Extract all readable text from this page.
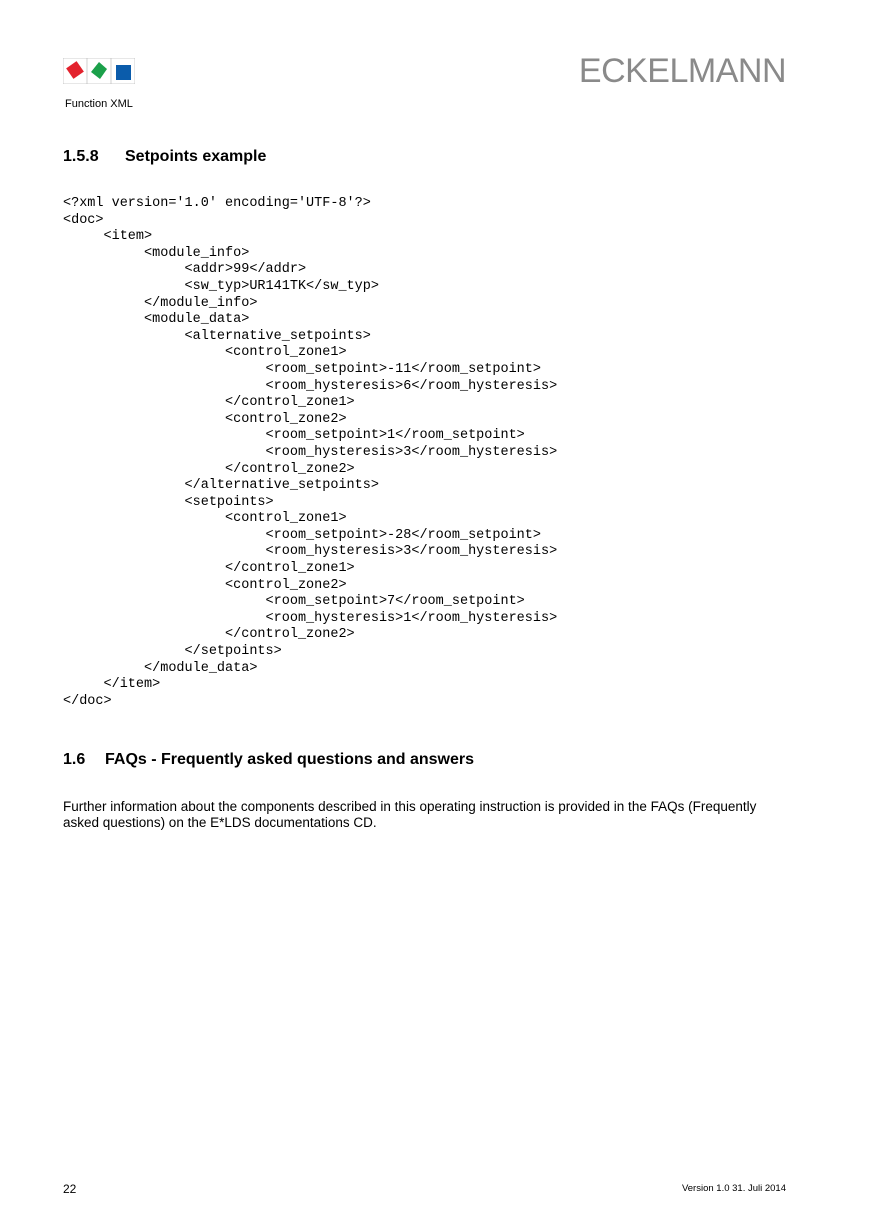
Function XML
ECKELMANN
1.5.8 Setpoints example
<?xml version='1.0' encoding='UTF-8'?>
<doc>
<item>
<module_info>
<addr>99</addr>
<sw_typ>UR141TK</sw_typ>
</module_info>
<module_data>
<alternative_setpoints>
<control_zone1>
<room_setpoint>-11</room_setpoint>
<room_hysteresis>6</room_hysteresis>
</control_zone1>
<control_zone2>
<room_setpoint>1</room_setpoint>
<room_hysteresis>3</room_hysteresis>
</control_zone2>
</alternative_setpoints>
<setpoints>
<control_zone1>
<room_setpoint>-28</room_setpoint>
<room_hysteresis>3</room_hysteresis>
</control_zone1>
<control_zone2>
<room_setpoint>7</room_setpoint>
<room_hysteresis>1</room_hysteresis>
</control_zone2>
</setpoints>
</module_data>
</item>
</doc>
1.6 FAQs - Frequently asked questions and answers

Further information about the components described in this operating instruction is provided in the FAQs (Frequently asked questions) on the E*LDS documentations CD.

22	Version 1.0 31. Juli 2014
